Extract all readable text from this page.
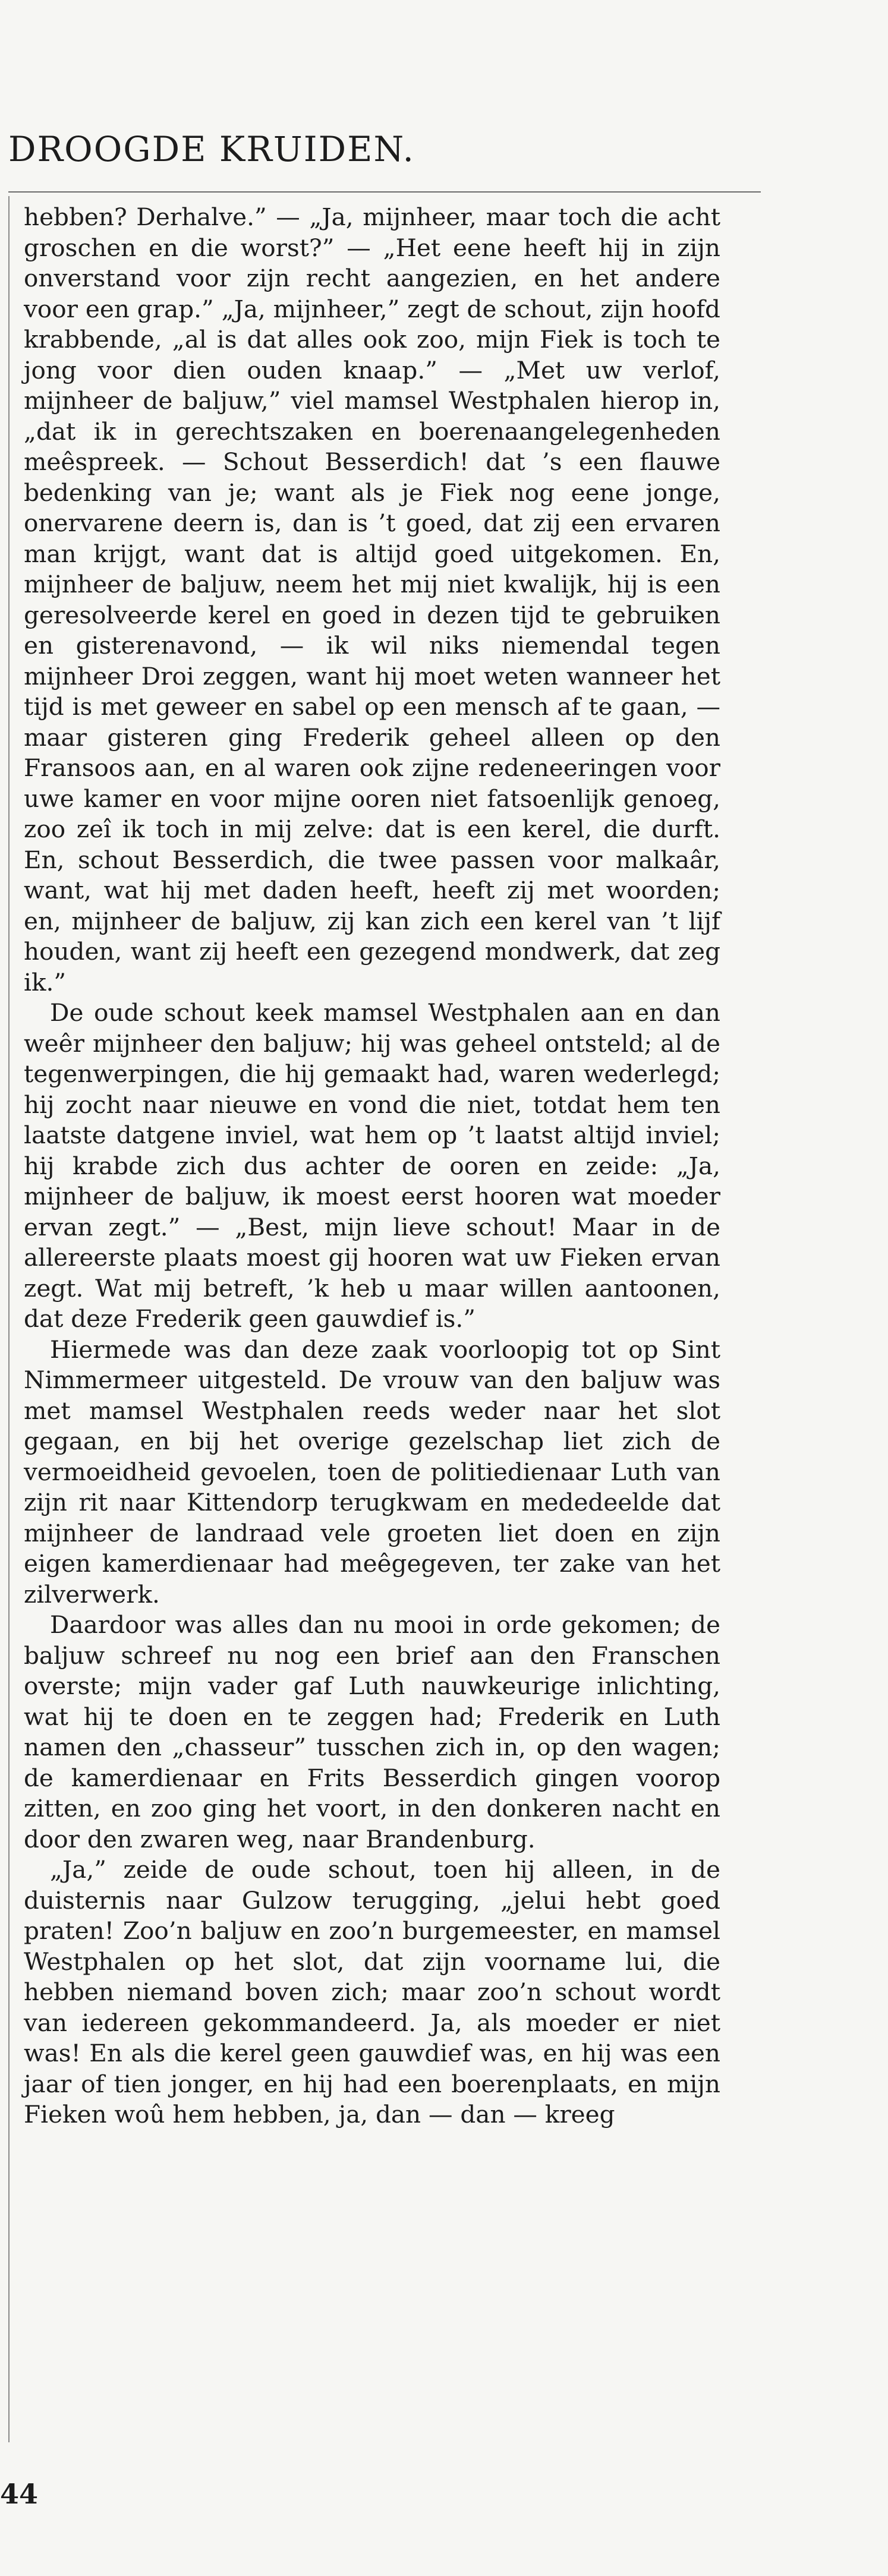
DROOGDE KRUIDEN.

hebben? Derhalve.” — „Ja, mijnheer, maar toch die acht groschen en die worst?” — „Het eene heeft hij in zijn onverstand voor zijn recht aangezien, en het andere voor een grap.” „Ja, mijnheer,” zegt de schout, zijn hoofd krabbende, „al is dat alles ook zoo, mijn Fiek is toch te jong voor dien ouden knaap.” — „Met uw verlof, mijnheer de baljuw,” viel mamsel Westphalen hierop in, „dat ik in gerechtszaken en boerenaangelegenheden meêspreek. — Schout Besserdich! dat ’s een flauwe bedenking van je; want als je Fiek nog eene jonge, onervarene deern is, dan is ’t goed, dat zij een ervaren man krijgt, want dat is altijd goed uitgekomen. En, mijnheer de baljuw, neem het mij niet kwalijk, hij is een geresolveerde kerel en goed in dezen tijd te gebruiken en gisterenavond, — ik wil niks niemendal tegen mijnheer Droi zeggen, want hij moet weten wanneer het tijd is met geweer en sabel op een mensch af te gaan, — maar gisteren ging Frederik geheel alleen op den Fransoos aan, en al waren ook zijne redeneeringen voor uwe kamer en voor mijne ooren niet fatsoenlijk genoeg, zoo zeî ik toch in mij zelve: dat is een kerel, die durft. En, schout Besserdich, die twee passen voor malkaâr, want, wat hij met daden heeft, heeft zij met woorden; en, mijnheer de baljuw, zij kan zich een kerel van ’t lijf houden, want zij heeft een gezegend mondwerk, dat zeg ik.”

De oude schout keek mamsel Westphalen aan en dan weêr mijnheer den baljuw; hij was geheel ontsteld; al de tegenwerpingen, die hij gemaakt had, waren wederlegd; hij zocht naar nieuwe en vond die niet, totdat hem ten laatste datgene inviel, wat hem op ’t laatst altijd inviel; hij krabde zich dus achter de ooren en zeide: „Ja, mijnheer de baljuw, ik moest eerst hooren wat moeder ervan zegt.” — „Best, mijn lieve schout! Maar in de allereerste plaats moest gij hooren wat uw Fieken ervan zegt. Wat mij betreft, ’k heb u maar willen aantoonen, dat deze Frederik geen gauwdief is.”

Hiermede was dan deze zaak voorloopig tot op Sint Nimmermeer uitgesteld. De vrouw van den baljuw was met mamsel Westphalen reeds weder naar het slot gegaan, en bij het overige gezelschap liet zich de vermoeidheid gevoelen, toen de politiedienaar Luth van zijn rit naar Kittendorp terugkwam en mededeelde dat mijnheer de landraad vele groeten liet doen en zijn eigen kamerdienaar had meêgegeven, ter zake van het zilverwerk.

Daardoor was alles dan nu mooi in orde gekomen; de baljuw schreef nu nog een brief aan den Franschen overste; mijn vader gaf Luth nauwkeurige inlichting, wat hij te doen en te zeggen had; Frederik en Luth namen den „chasseur” tusschen zich in, op den wagen; de kamerdienaar en Frits Besserdich gingen voorop zitten, en zoo ging het voort, in den donkeren nacht en door den zwaren weg, naar Brandenburg.

„Ja,” zeide de oude schout, toen hij alleen, in de duisternis naar Gulzow terugging, „jelui hebt goed praten! Zoo’n baljuw en zoo’n burgemeester, en mamsel Westphalen op het slot, dat zijn voorname lui, die hebben niemand boven zich; maar zoo’n schout wordt van iedereen gekommandeerd. Ja, als moeder er niet was! En als die kerel geen gauwdief was, en hij was een jaar of tien jonger, en hij had een boerenplaats, en mijn Fieken woû hem hebben, ja, dan — dan — kreeg

44
